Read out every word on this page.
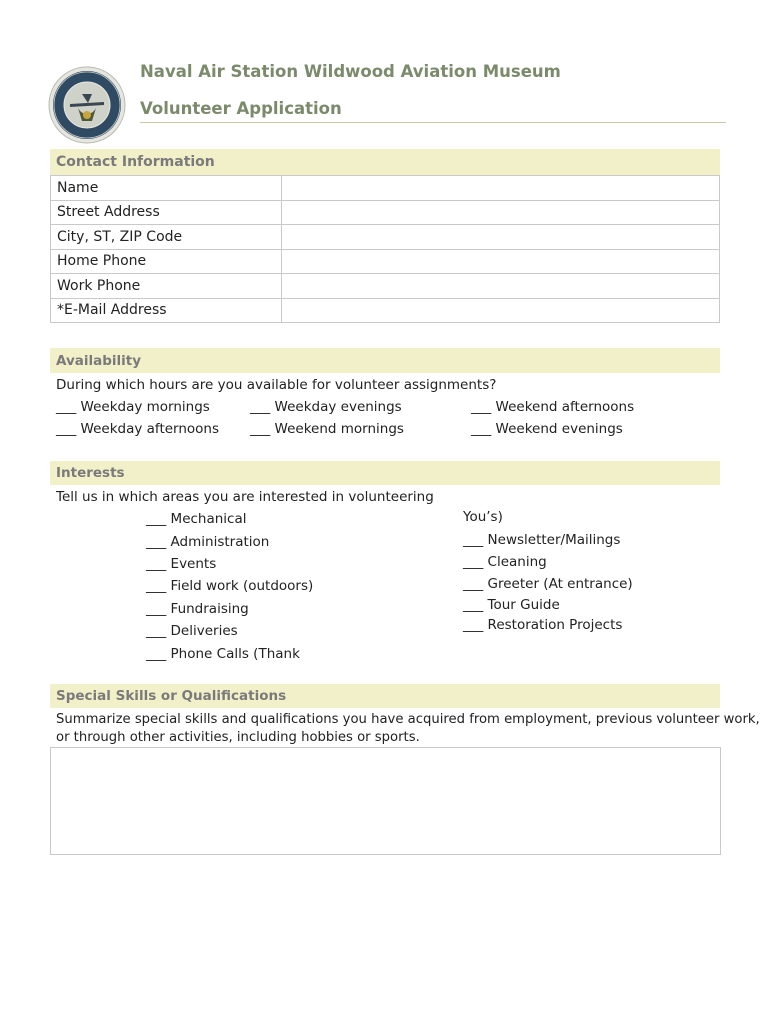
Naval Air Station Wildwood Aviation Museum
Volunteer Application
Contact Information
Name	
Street Address	
City, ST, ZIP Code	
Home Phone	
Work Phone	
*E-Mail Address	
Availability
During which hours are you available for volunteer assignments?
___ Weekday mornings	___ Weekday evenings	___ Weekend afternoons
___ Weekday afternoons ___ Weekend mornings	___ Weekend evenings
Interests
Tell us in which areas you are interested in volunteering
___ Mechanical
___ Administration
___ Events
___ Field work (outdoors)
___ Fundraising
___ Deliveries
___ Phone Calls (Thank
You’s)
___ Newsletter/Mailings
___ Cleaning
___ Greeter (At entrance)
___ Tour Guide
___ Restoration Projects
Special Skills or Qualifications
Summarize special skills and qualifications you have acquired from employment, previous volunteer work,
or through other activities, including hobbies or sports.
